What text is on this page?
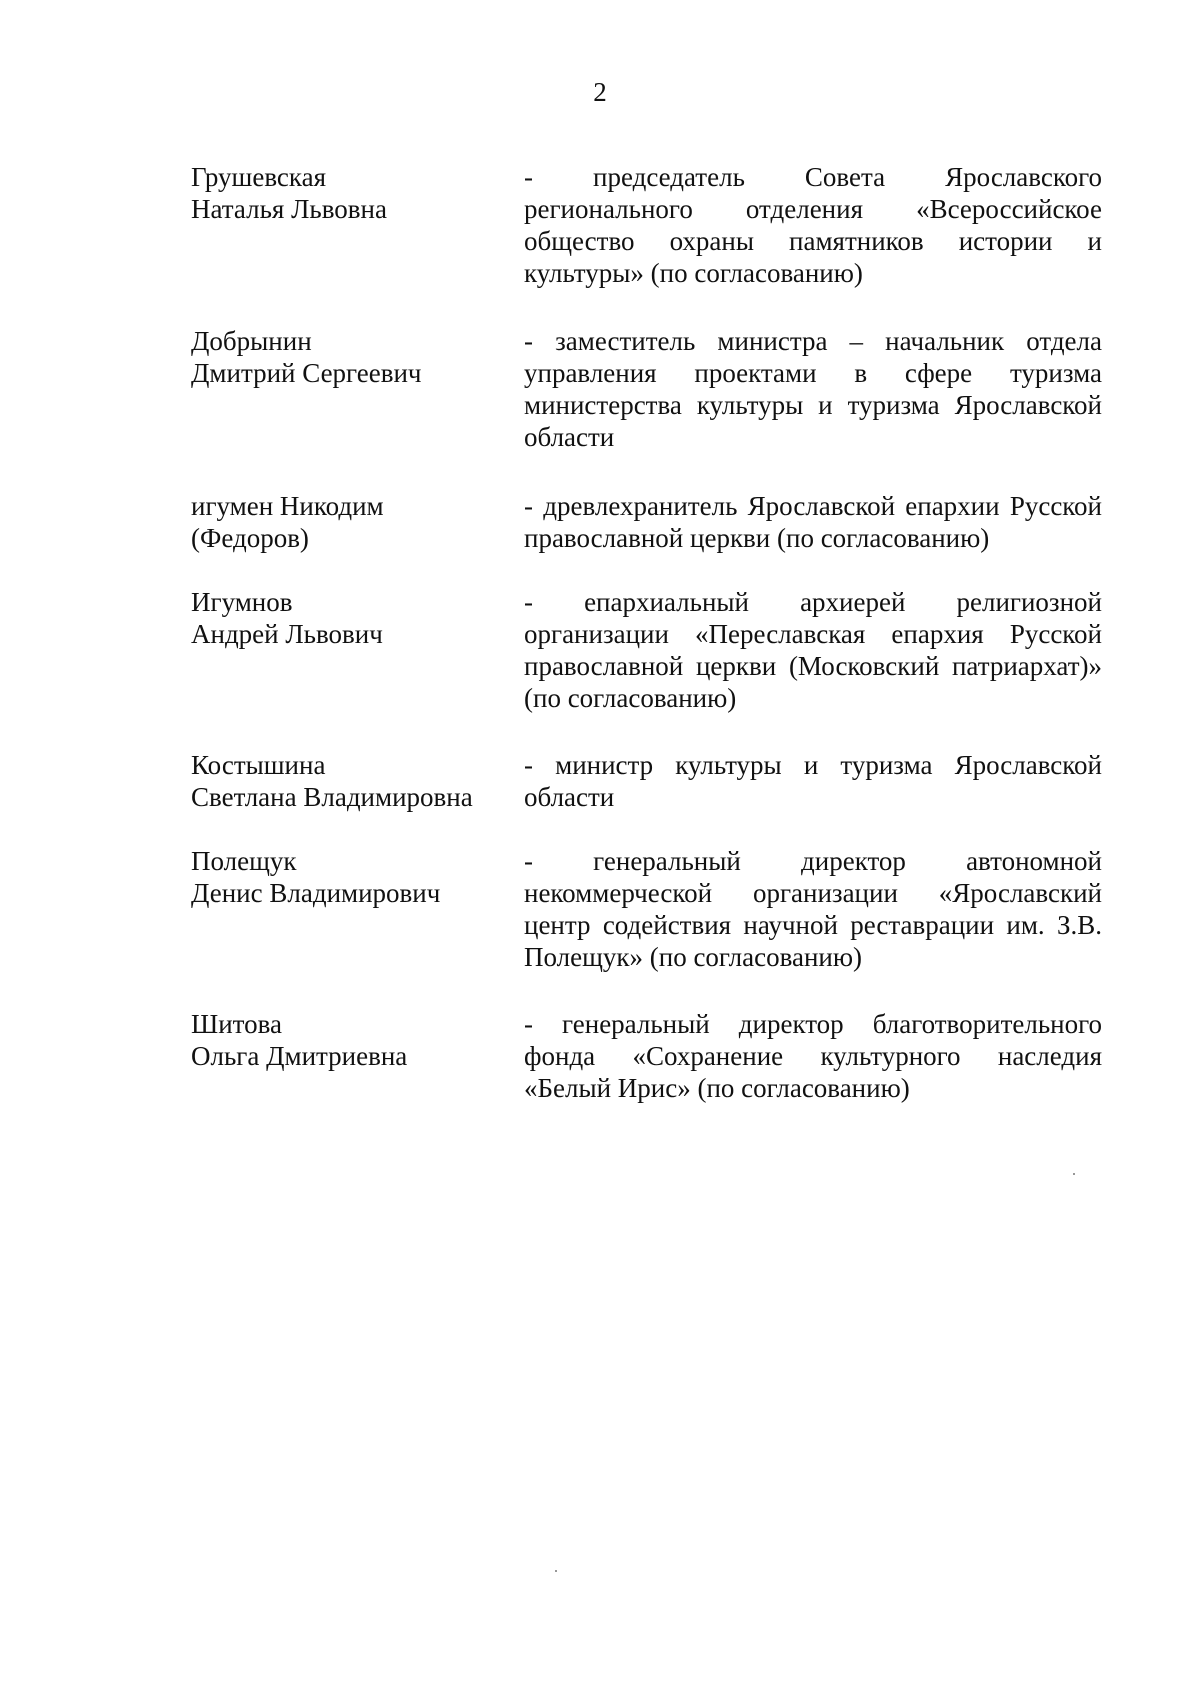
2
Грушевская
Наталья Львовна
- председатель Совета Ярославского регионального отделения «Всероссийское общество охраны памятников истории и культуры» (по согласованию)
Добрынин
Дмитрий Сергеевич
- заместитель министра – начальник отдела управления проектами в сфере туризма министерства культуры и туризма Ярославской области
игумен Никодим
(Федоров)
- древлехранитель Ярославской епархии Русской православной церкви (по согласованию)
Игумнов
Андрей Львович
- епархиальный архиерей религиозной организации «Переславская епархия Русской православной церкви (Московский патриархат)» (по согласованию)
Костышина
Светлана Владимировна
- министр культуры и туризма Ярославской области
Полещук
Денис Владимирович
- генеральный директор автономной некоммерческой организации «Ярославский центр содействия научной реставрации им. З.В. Полещук» (по согласованию)
Шитова
Ольга Дмитриевна
- генеральный директор благотворительного фонда «Сохранение культурного наследия «Белый Ирис» (по согласованию)
